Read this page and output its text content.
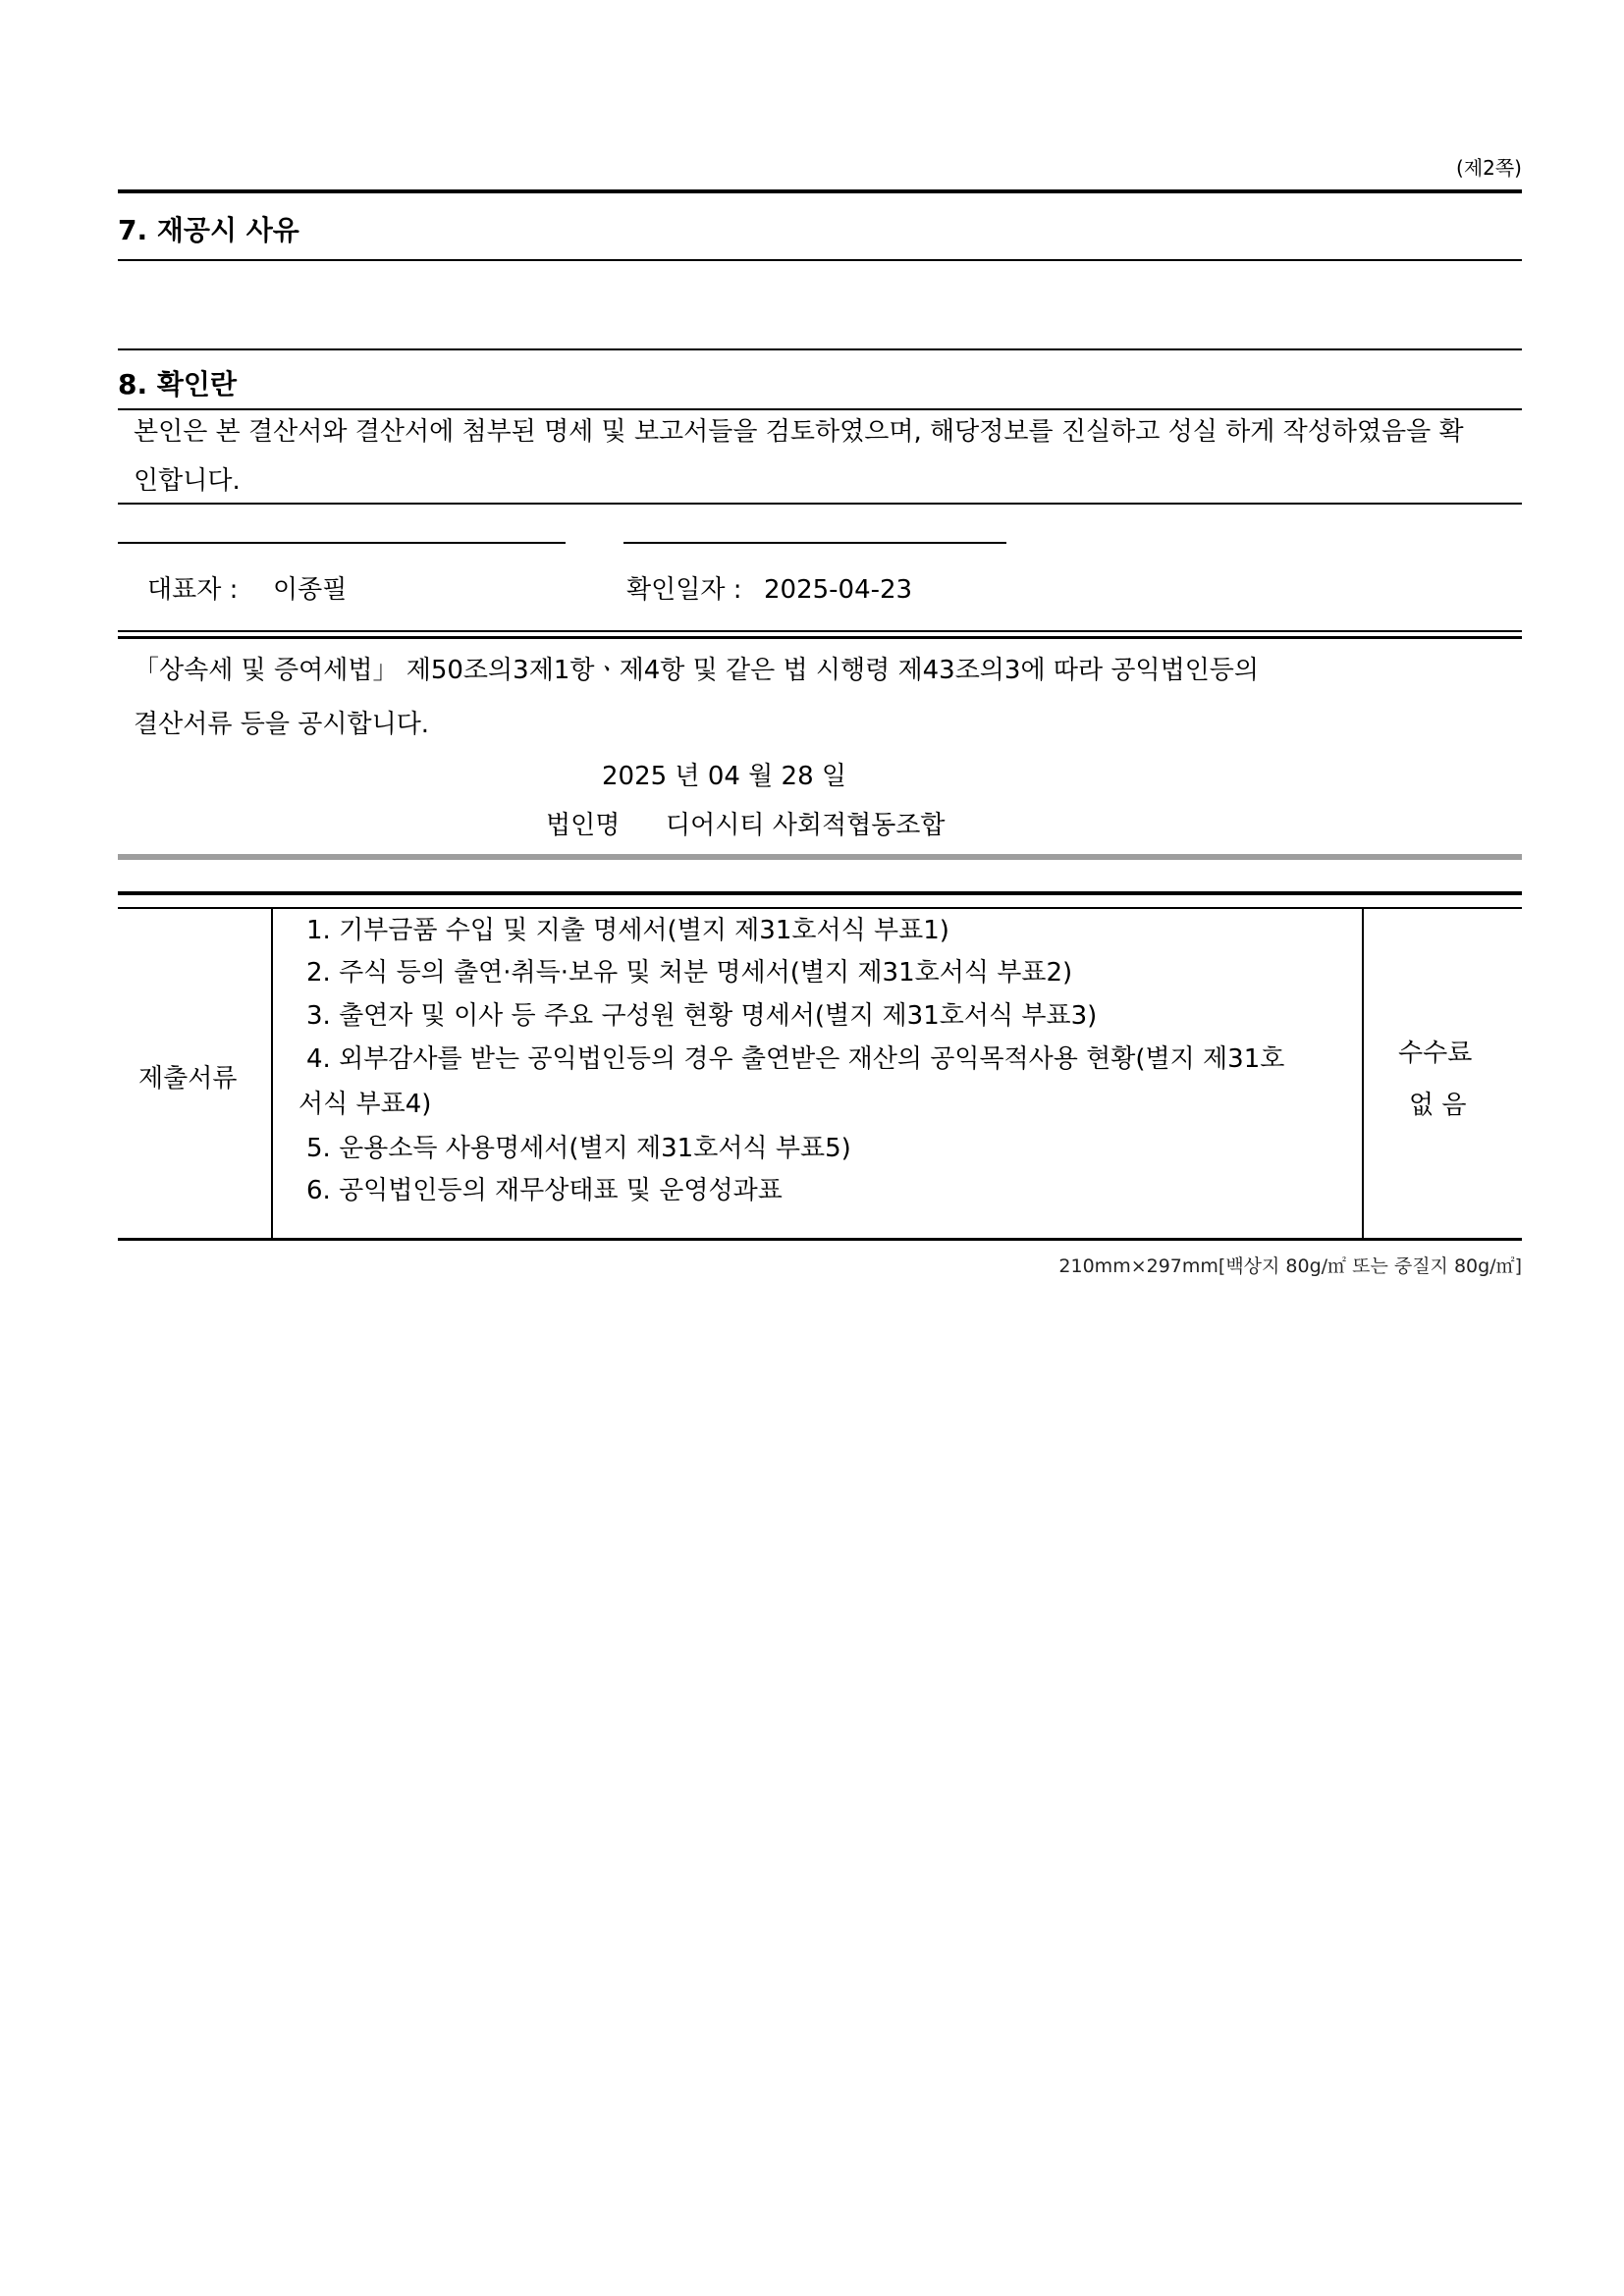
(제2쪽)
7. 재공시 사유
8. 확인란
본인은 본 결산서와 결산서에 첨부된 명세 및 보고서들을 검토하였으며, 해당정보를 진실하고 성실 하게 작성하였음을 확
인합니다.
대표자 : 이종필	확인일자 : 2025-04-23
「상속세 및 증여세법」 제50조의3제1항ㆍ제4항 및 같은 법 시행령 제43조의3에 따라 공익법인등의
결산서류 등을 공시합니다.
2025 년 04 월 28 일
법인명 디어시티 사회적협동조합
제출서류
1. 기부금품 수입 및 지출 명세서(별지 제31호서식 부표1)
2. 주식 등의 출연·취득·보유 및 처분 명세서(별지 제31호서식 부표2)
3. 출연자 및 이사 등 주요 구성원 현황 명세서(별지 제31호서식 부표3)
4. 외부감사를 받는 공익법인등의 경우 출연받은 재산의 공익목적사용 현황(별지 제31호
서식 부표4)
5. 운용소득 사용명세서(별지 제31호서식 부표5)
6. 공익법인등의 재무상태표 및 운영성과표
수수료
없 음
210mm×297mm[백상지 80g/㎡ 또는 중질지 80g/㎡]
